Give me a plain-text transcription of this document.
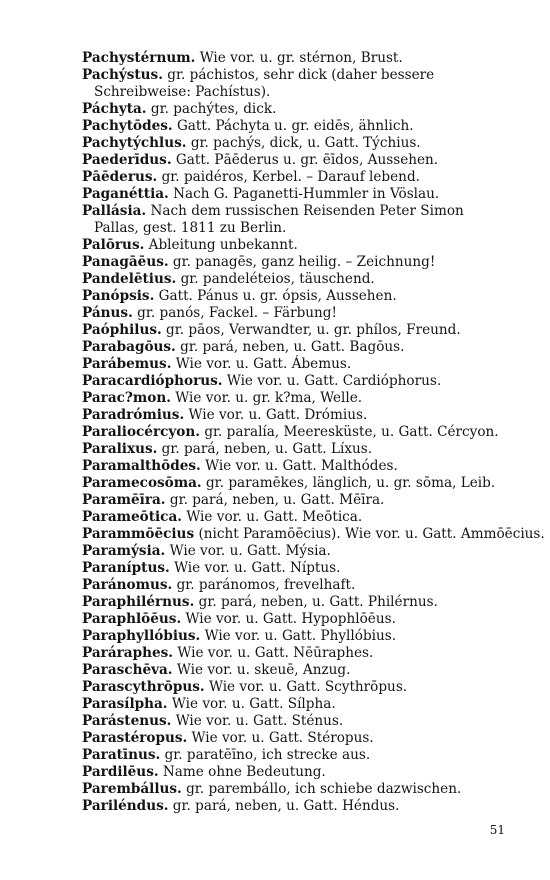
Pachystérnum. Wie vor. u. gr. stérnon, Brust.
Pachýstus. gr. páchistos, sehr dick (daher bessere Schreibweise: Pachístus).
Páchyta. gr. pachýtes, dick.
Pachytōdes. Gatt. Páchyta u. gr. eidēs, ähnlich.
Pachytýchlus. gr. pachýs, dick, u. Gatt. Týchius.
Paederīdus. Gatt. Pāēderus u. gr. ēīdos, Aussehen.
Pāēderus. gr. paidéros, Kerbel. – Darauf lebend.
Paganéttia. Nach G. Paganetti-Hummler in Vöslau.
Pallásia. Nach dem russischen Reisenden Peter Simon Pallas, gest. 1811 zu Berlin.
Palōrus. Ableitung unbekannt.
Panagāēus. gr. panagēs, ganz heilig. – Zeichnung!
Pandelētius. gr. pandeléteios, täuschend.
Panópsis. Gatt. Pánus u. gr. ópsis, Aussehen.
Pánus. gr. panós, Fackel. – Färbung!
Paóphilus. gr. pāos, Verwandter, u. gr. phílos, Freund.
Parabagōus. gr. pará, neben, u. Gatt. Bagōus.
Parábemus. Wie vor. u. Gatt. Ábemus.
Paracardióphorus. Wie vor. u. Gatt. Cardióphorus.
Parac?mon. Wie vor. u. gr. k?ma, Welle.
Paradrómius. Wie vor. u. Gatt. Drómius.
Paraliocércyon. gr. paralía, Meeresküste, u. Gatt. Cércyon.
Paralixus. gr. pará, neben, u. Gatt. Líxus.
Paramalthōdes. Wie vor. u. Gatt. Malthódes.
Paramecosōma. gr. paramēkes, länglich, u. gr. sōma, Leib.
Paramēīra. gr. pará, neben, u. Gatt. Mēīra.
Parameōtica. Wie vor. u. Gatt. Meōtica.
Parammōēcius (nicht Paramōēcius). Wie vor. u. Gatt. Ammōēcius.
Paramýsia. Wie vor. u. Gatt. Mýsia.
Paraníptus. Wie vor. u. Gatt. Níptus.
Paránomus. gr. paránomos, frevelhaft.
Paraphilérnus. gr. pará, neben, u. Gatt. Philérnus.
Paraphlōēus. Wie vor. u. Gatt. Hypophlōēus.
Paraphyllóbius. Wie vor. u. Gatt. Phyllóbius.
Paráraphes. Wie vor. u. Gatt. Nēūraphes.
Paraschēva. Wie vor. u. skeuē, Anzug.
Parascythrōpus. Wie vor. u. Gatt. Scythrōpus.
Parasílpha. Wie vor. u. Gatt. Sílpha.
Parástenus. Wie vor. u. Gatt. Sténus.
Parastéropus. Wie vor. u. Gatt. Stéropus.
Paratīnus. gr. paratēīno, ich strecke aus.
Pardilēus. Name ohne Bedeutung.
Parembállus. gr. parembállo, ich schiebe dazwischen.
Pariléndus. gr. pará, neben, u. Gatt. Héndus.
51
